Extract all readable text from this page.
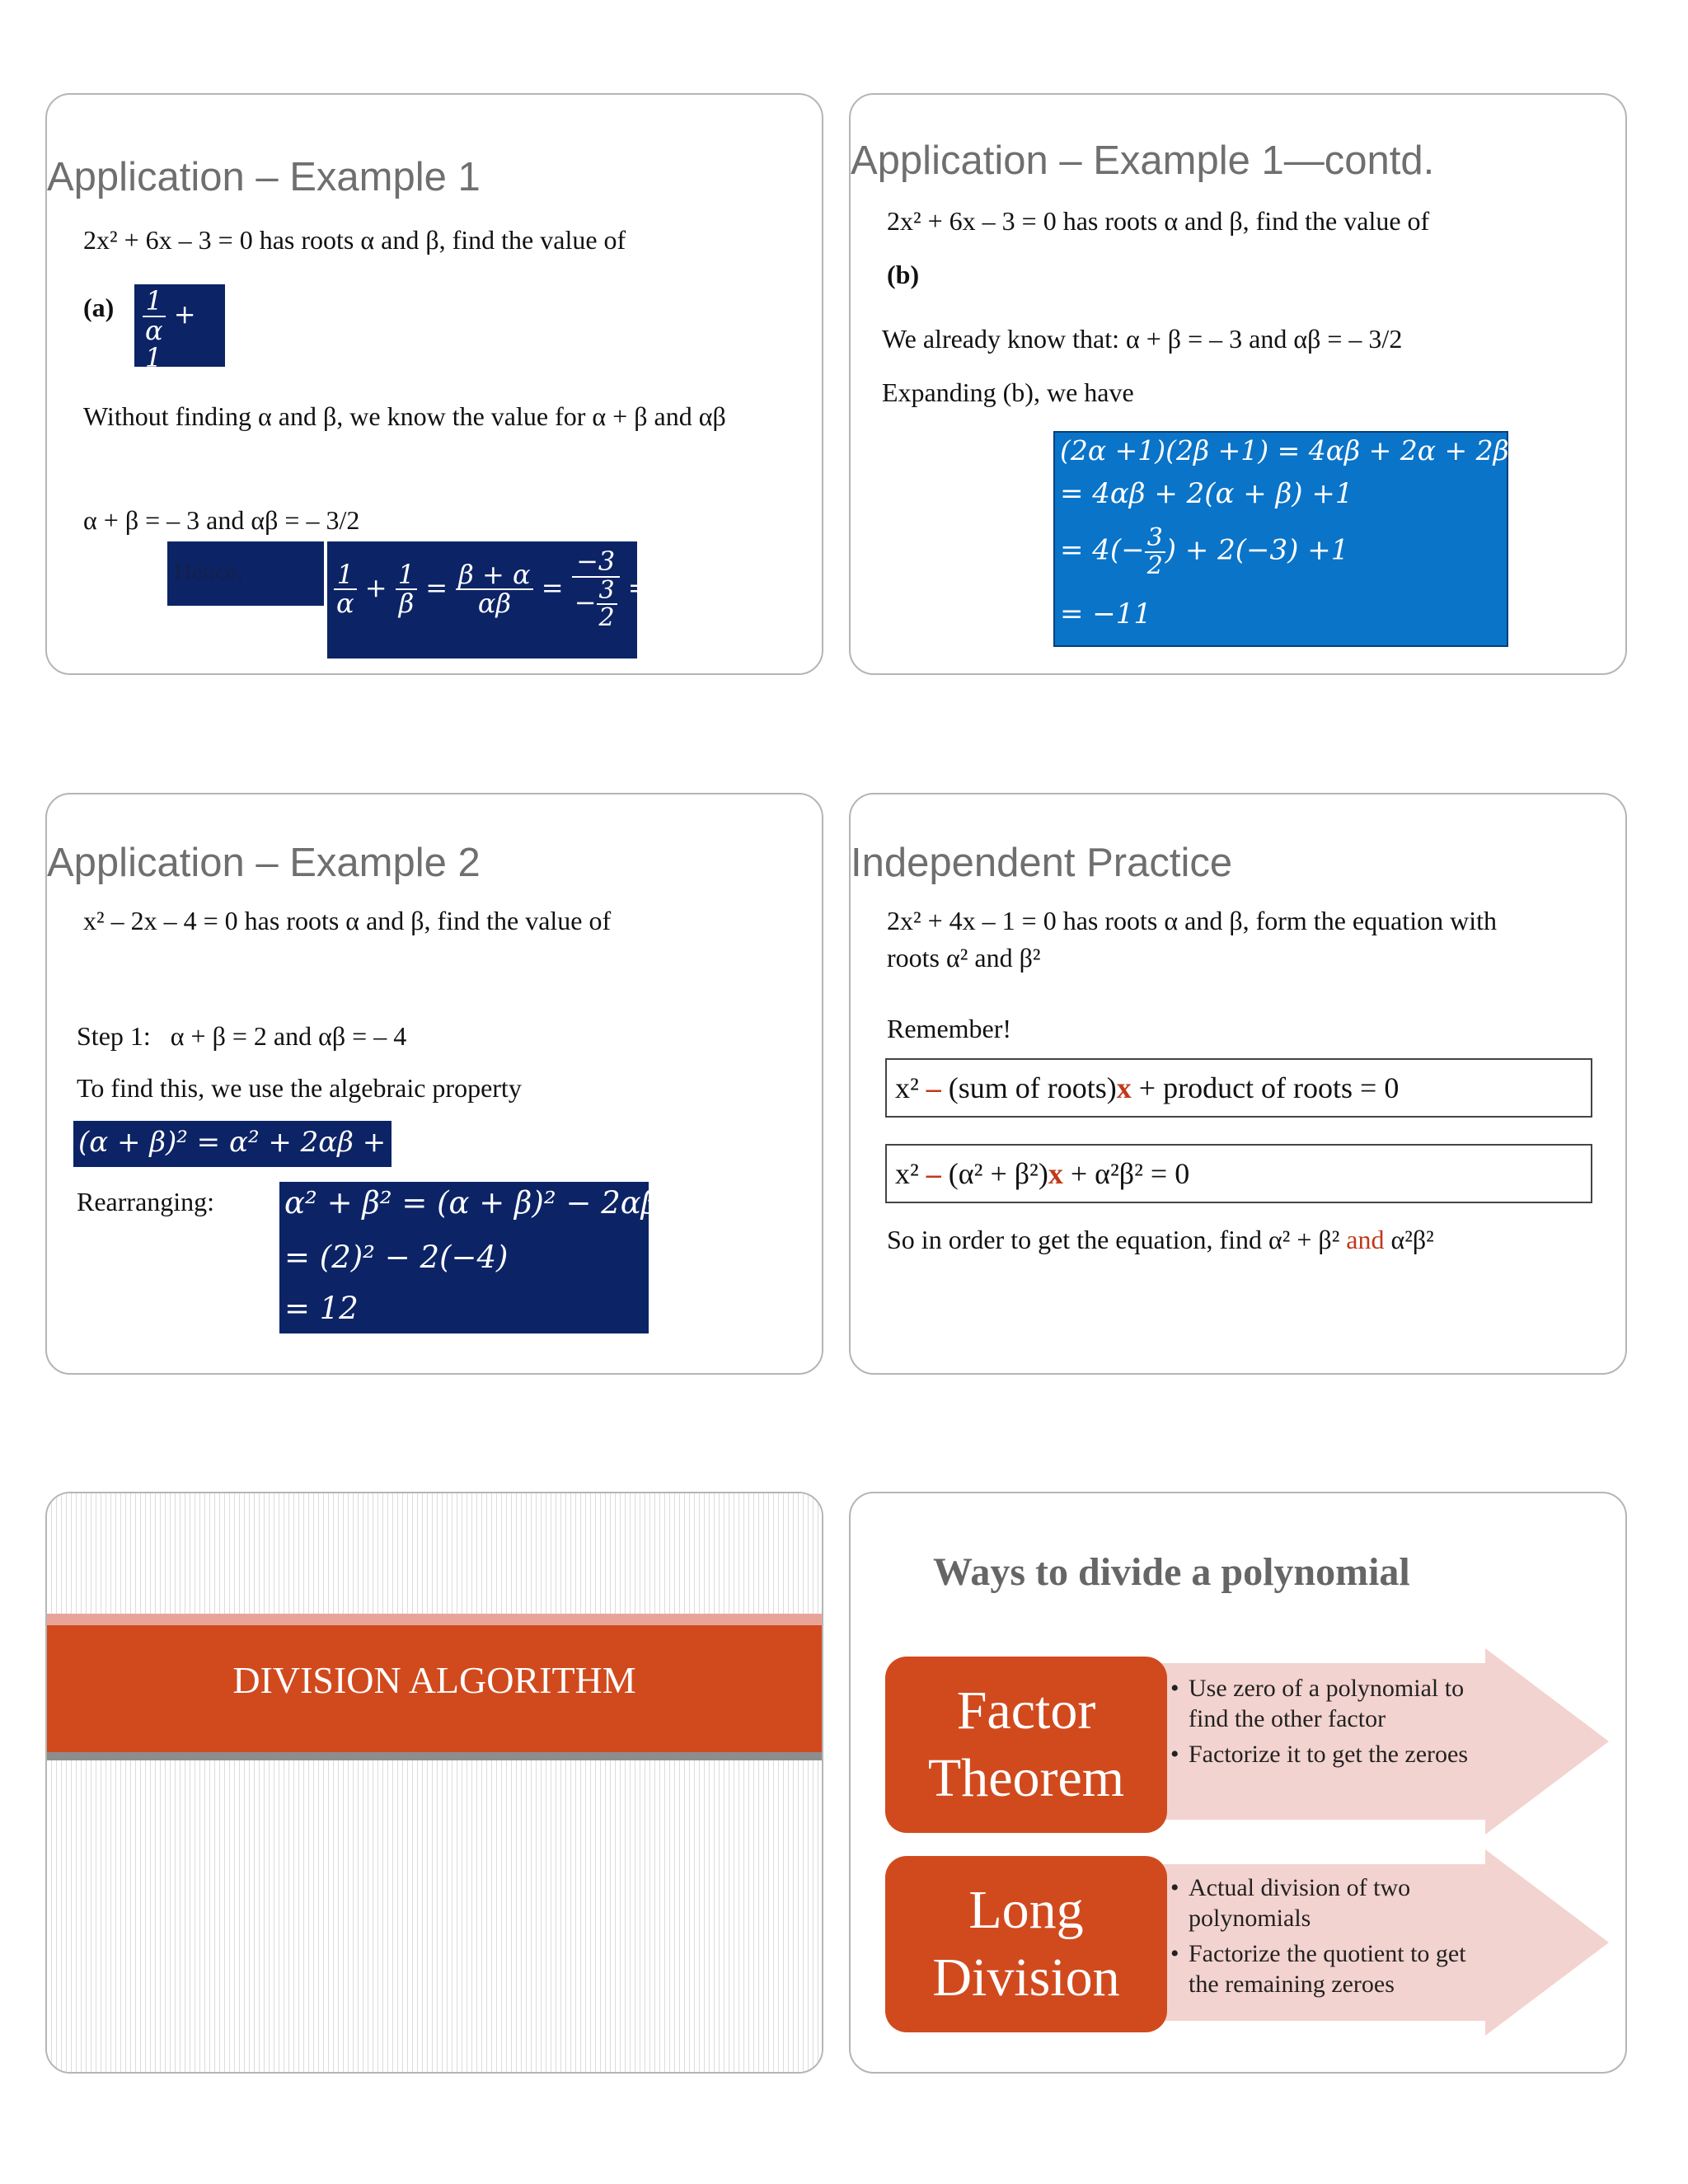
Application – Example 1
2x² + 6x – 3 = 0 has roots α and β, find the value of
$(a) \frac{1}{\alpha}$ +
$\frac{1}{\beta}$
Without finding α and β, we know the value for α + β and αβ
α + β = – 3 and αβ = – 3/2
Hence,	$\frac{1}{\alpha} + \frac{1}{\beta} = \frac{\beta + \alpha}{\alpha\beta} = \frac{-3}{- \frac{3}{2}} = 2$
Application – Example 1—contd.
2x² + 6x – 3 = 0 has roots α and β, find the value of
(b)
We already know that: α + β = – 3 and αβ = – 3/2
Expanding (b), we have
(2α +1)(2β +1) = 4αβ + 2α + 2β +1
= 4αβ + 2(α + β) +1
= $4(- \frac{3}{2}$ ) + 2(−3) +1
= −11
Application – Example 2
x² – 2x – 4 = 0 has roots α and β, find the value of
Step 1: α + β = 2 and αβ = – 4
To find this, we use the algebraic property
(α + β)² = α² + 2αβ + β²
Rearranging: α² + β² = (α + β)² − 2αβ
= (2)² − 2(−4)
= 12
Independent Practice
2x² + 4x – 1 = 0 has roots α and β, form the equation with
roots α² and β²
Remember!
x² – (sum of roots)x + product of roots = 0
x² – (α² + β²)x + α²β² = 0
So in order to get the equation, find α² + β² and α²β²
DIVISION ALGORITHM
Ways to divide a polynomial
Factor
Theorem
• Use zero of a polynomial to
find the other factor
• Factorize it to get the zeroes
Long
Division
• Actual division of two
polynomials
• Factorize the quotient to get
the remaining zeroes
